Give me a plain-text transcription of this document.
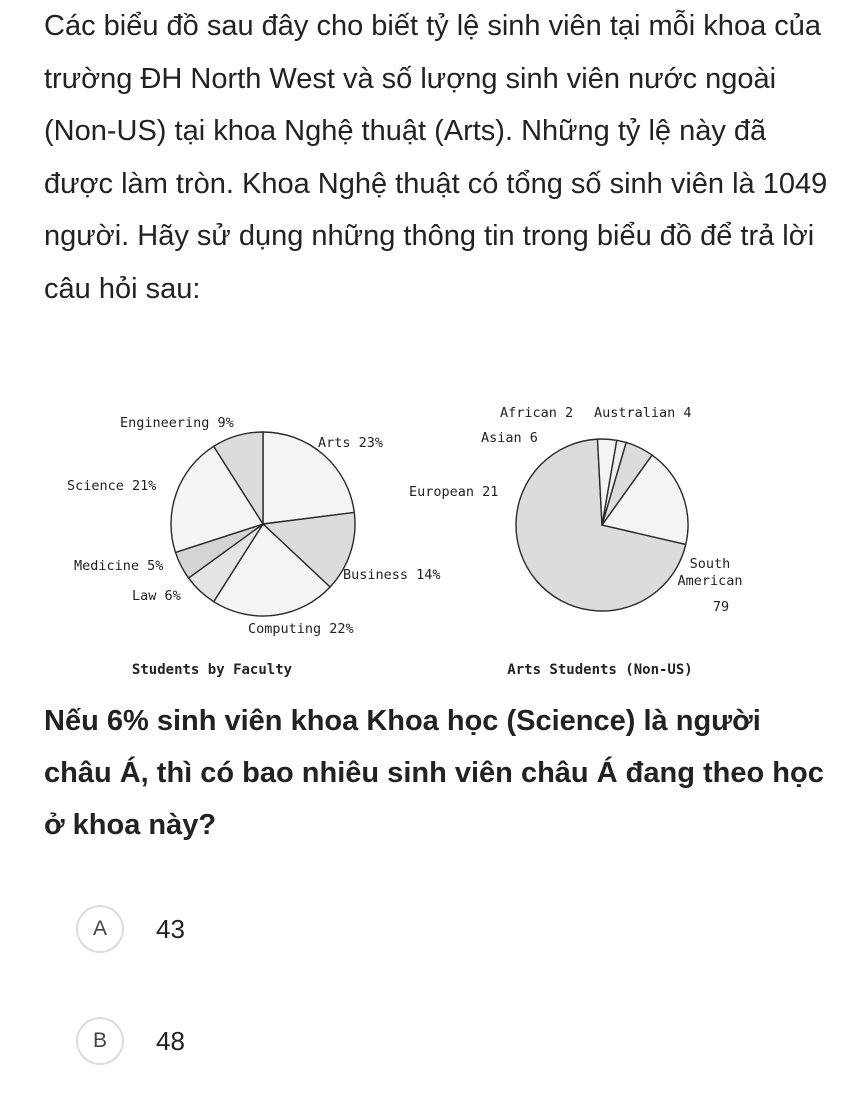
Các biểu đồ sau đây cho biết tỷ lệ sinh viên tại mỗi khoa của trường ĐH North West và số lượng sinh viên nước ngoài (Non-US) tại khoa Nghệ thuật (Arts). Những tỷ lệ này đã được làm tròn. Khoa Nghệ thuật có tổng số sinh viên là 1049 người. Hãy sử dụng những thông tin trong biểu đồ để trả lời câu hỏi sau:

Arts 23%
Business 14%
Computing 22%
Law 6%
Medicine 5%
Science 21%
Engineering 9%
South American
79
European 21
Asian 6
African 2 Australian 4
Students by Faculty	Arts Students (Non-US)

Nếu 6% sinh viên khoa Khoa học (Science) là người châu Á, thì có bao nhiêu sinh viên châu Á đang theo học ở khoa này?

A	43
B	48
